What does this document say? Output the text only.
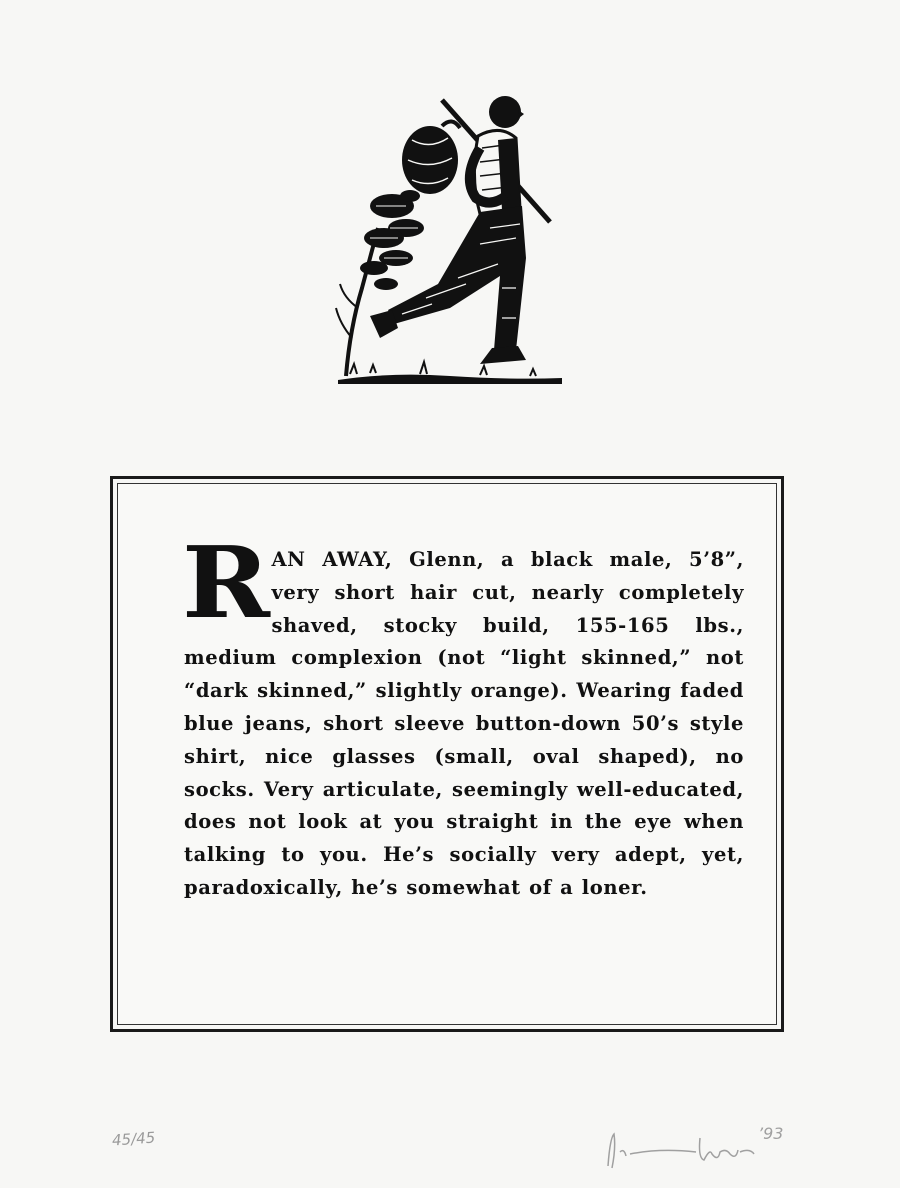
R AN AWAY, Glenn, a black male, 5’8”, very short hair cut, nearly completely shaved, stocky build, 155-165 lbs., medium complexion (not “light skinned,” not “dark skinned,” slightly orange). Wearing faded blue jeans, short sleeve button-down 50’s style shirt, nice glasses (small, oval shaped), no socks. Very articulate, seemingly well-educated, does not look at you straight in the eye when talking to you. He’s socially very adept, yet, paradoxically, he’s somewhat of a loner.

45/45	’93
